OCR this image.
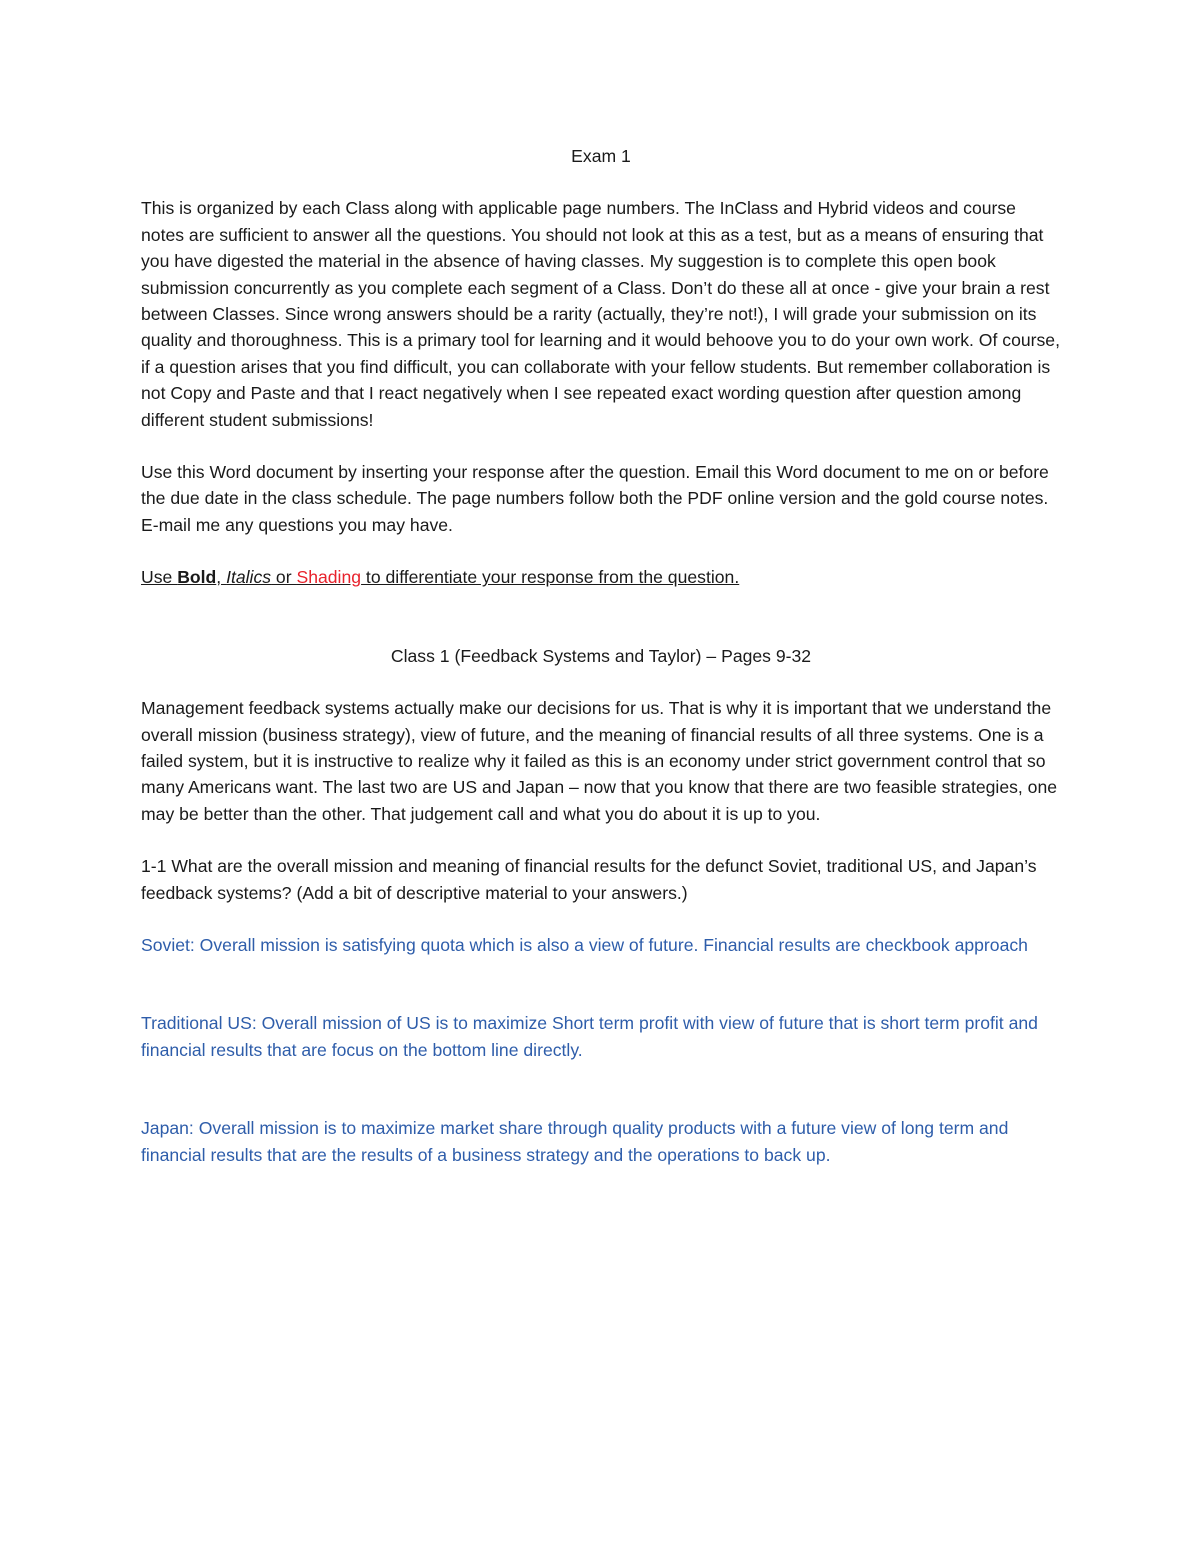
Exam 1

This is organized by each Class along with applicable page numbers. The InClass and Hybrid videos and course notes are sufficient to answer all the questions. You should not look at this as a test, but as a means of ensuring that you have digested the material in the absence of having classes. My suggestion is to complete this open book submission concurrently as you complete each segment of a Class. Don’t do these all at once - give your brain a rest between Classes. Since wrong answers should be a rarity (actually, they’re not!), I will grade your submission on its quality and thoroughness. This is a primary tool for learning and it would behoove you to do your own work. Of course, if a question arises that you find difficult, you can collaborate with your fellow students. But remember collaboration is not Copy and Paste and that I react negatively when I see repeated exact wording question after question among different student submissions!

Use this Word document by inserting your response after the question. Email this Word document to me on or before the due date in the class schedule. The page numbers follow both the PDF online version and the gold course notes. E-mail me any questions you may have.

Use Bold, Italics or Shading to differentiate your response from the question.

Class 1 (Feedback Systems and Taylor) – Pages 9-32

Management feedback systems actually make our decisions for us. That is why it is important that we understand the overall mission (business strategy), view of future, and the meaning of financial results of all three systems. One is a failed system, but it is instructive to realize why it failed as this is an economy under strict government control that so many Americans want. The last two are US and Japan – now that you know that there are two feasible strategies, one may be better than the other. That judgement call and what you do about it is up to you.

1-1 What are the overall mission and meaning of financial results for the defunct Soviet, traditional US, and Japan’s feedback systems? (Add a bit of descriptive material to your answers.)

Soviet: Overall mission is satisfying quota which is also a view of future. Financial results are checkbook approach

Traditional US: Overall mission of US is to maximize Short term profit with view of future that is short term profit and financial results that are focus on the bottom line directly.

Japan: Overall mission is to maximize market share through quality products with a future view of long term and financial results that are the results of a business strategy and the operations to back up.
